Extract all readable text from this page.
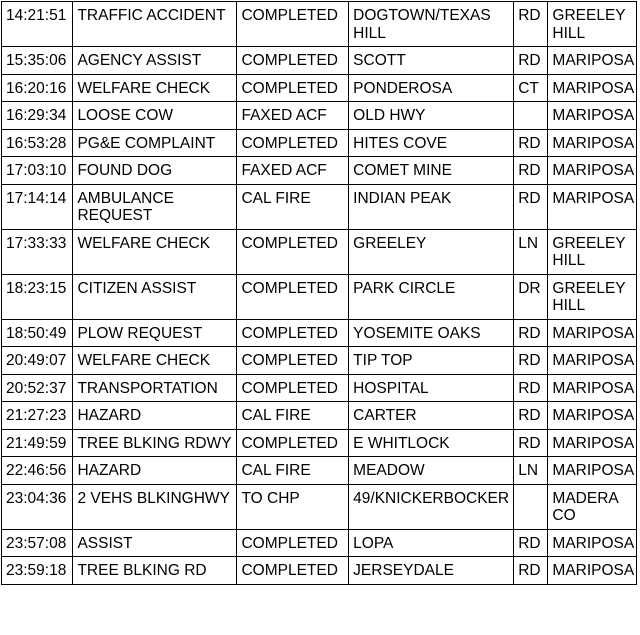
14:21:51	TRAFFIC ACCIDENT	COMPLETED	DOGTOWN/TEXAS HILL	RD	GREELEY HILL
15:35:06	AGENCY ASSIST	COMPLETED	SCOTT	RD	MARIPOSA
16:20:16	WELFARE CHECK	COMPLETED	PONDEROSA	CT	MARIPOSA
16:29:34	LOOSE COW	FAXED ACF	OLD HWY		MARIPOSA
16:53:28	PG&E COMPLAINT	COMPLETED	HITES COVE	RD	MARIPOSA
17:03:10	FOUND DOG	FAXED ACF	COMET MINE	RD	MARIPOSA
17:14:14	AMBULANCE REQUEST	CAL FIRE	INDIAN PEAK	RD	MARIPOSA
17:33:33	WELFARE CHECK	COMPLETED	GREELEY	LN	GREELEY HILL
18:23:15	CITIZEN ASSIST	COMPLETED	PARK CIRCLE	DR	GREELEY HILL
18:50:49	PLOW REQUEST	COMPLETED	YOSEMITE OAKS	RD	MARIPOSA
20:49:07	WELFARE CHECK	COMPLETED	TIP TOP	RD	MARIPOSA
20:52:37	TRANSPORTATION	COMPLETED	HOSPITAL	RD	MARIPOSA
21:27:23	HAZARD	CAL FIRE	CARTER	RD	MARIPOSA
21:49:59	TREE BLKING RDWY	COMPLETED	E WHITLOCK	RD	MARIPOSA
22:46:56	HAZARD	CAL FIRE	MEADOW	LN	MARIPOSA
23:04:36	2 VEHS BLKINGHWY	TO CHP	49/KNICKERBOCKER		MADERA CO
23:57:08	ASSIST	COMPLETED	LOPA	RD	MARIPOSA
23:59:18	TREE BLKING RD	COMPLETED	JERSEYDALE	RD	MARIPOSA
